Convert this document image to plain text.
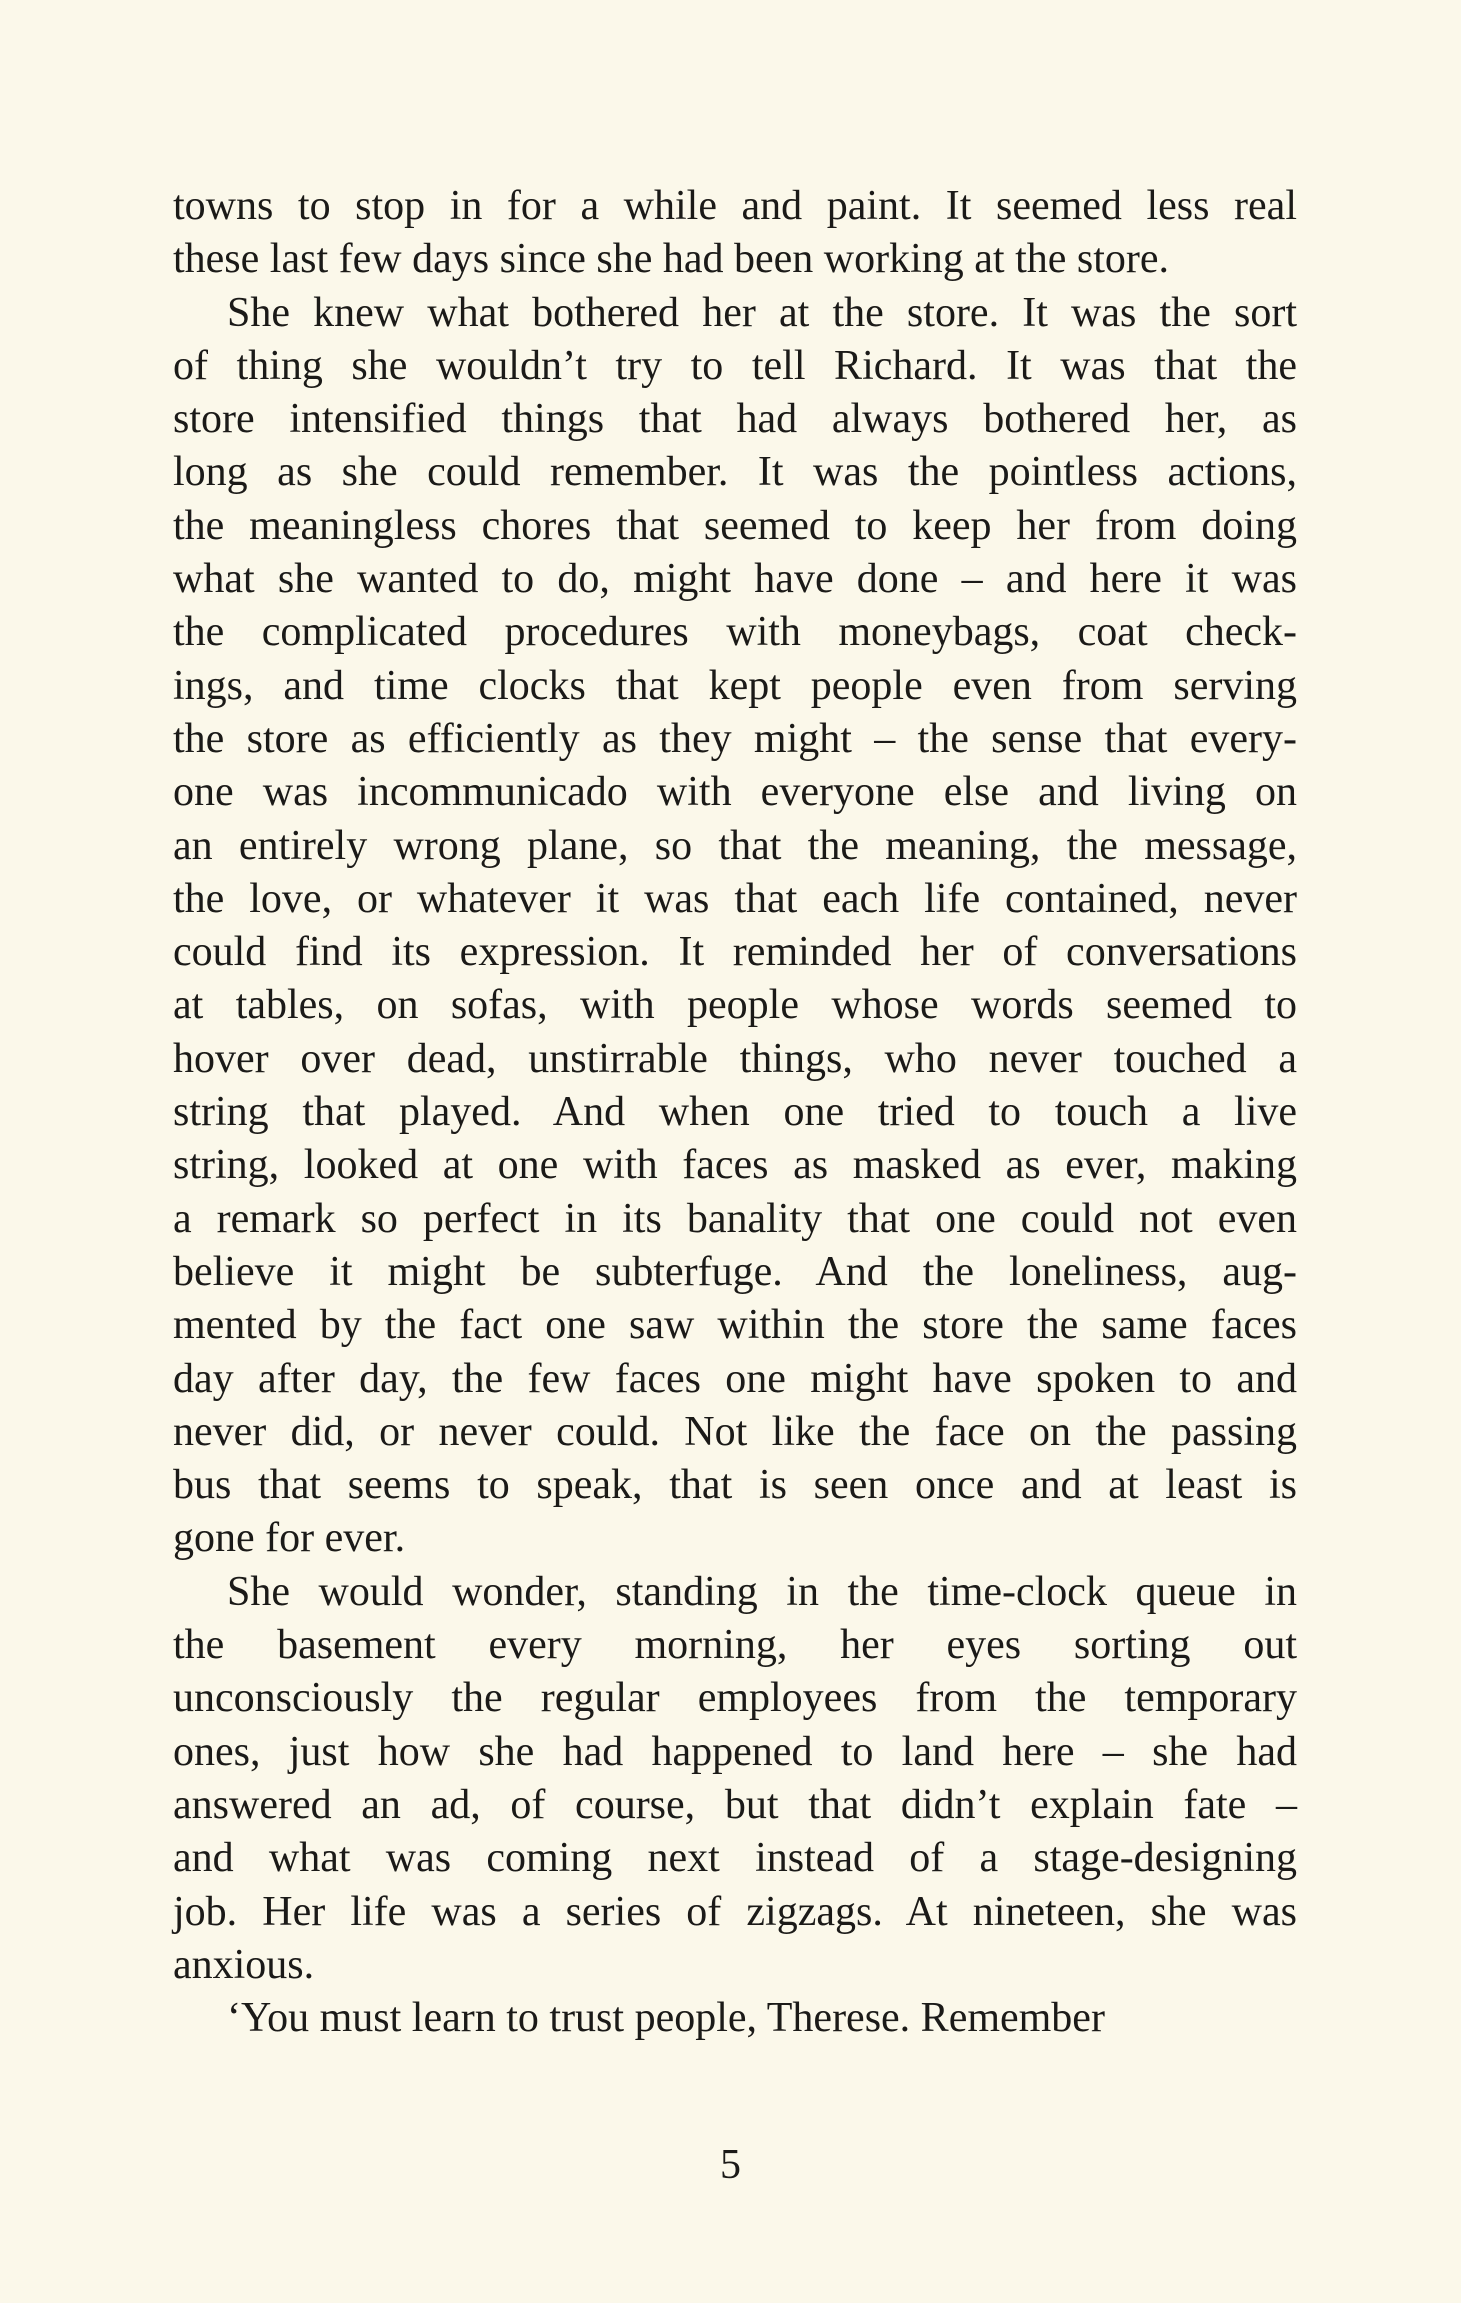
towns to stop in for a while and paint. It seemed less real
these last few days since she had been working at the store.
She knew what bothered her at the store. It was the sort
of thing she wouldn’t try to tell Richard. It was that the
store intensified things that had always bothered her, as
long as she could remember. It was the pointless actions,
the meaningless chores that seemed to keep her from doing
what she wanted to do, might have done – and here it was
the complicated procedures with moneybags, coat check-
ings, and time clocks that kept people even from serving
the store as efficiently as they might – the sense that every-
one was incommunicado with everyone else and living on
an entirely wrong plane, so that the meaning, the message,
the love, or whatever it was that each life contained, never
could find its expression. It reminded her of conversations
at tables, on sofas, with people whose words seemed to
hover over dead, unstirrable things, who never touched a
string that played. And when one tried to touch a live
string, looked at one with faces as masked as ever, making
a remark so perfect in its banality that one could not even
believe it might be subterfuge. And the loneliness, aug-
mented by the fact one saw within the store the same faces
day after day, the few faces one might have spoken to and
never did, or never could. Not like the face on the passing
bus that seems to speak, that is seen once and at least is
gone for ever.
She would wonder, standing in the time-clock queue in
the basement every morning, her eyes sorting out
unconsciously the regular employees from the temporary
ones, just how she had happened to land here – she had
answered an ad, of course, but that didn’t explain fate –
and what was coming next instead of a stage-designing
job. Her life was a series of zigzags. At nineteen, she was
anxious.
‘You must learn to trust people, Therese. Remember
5
